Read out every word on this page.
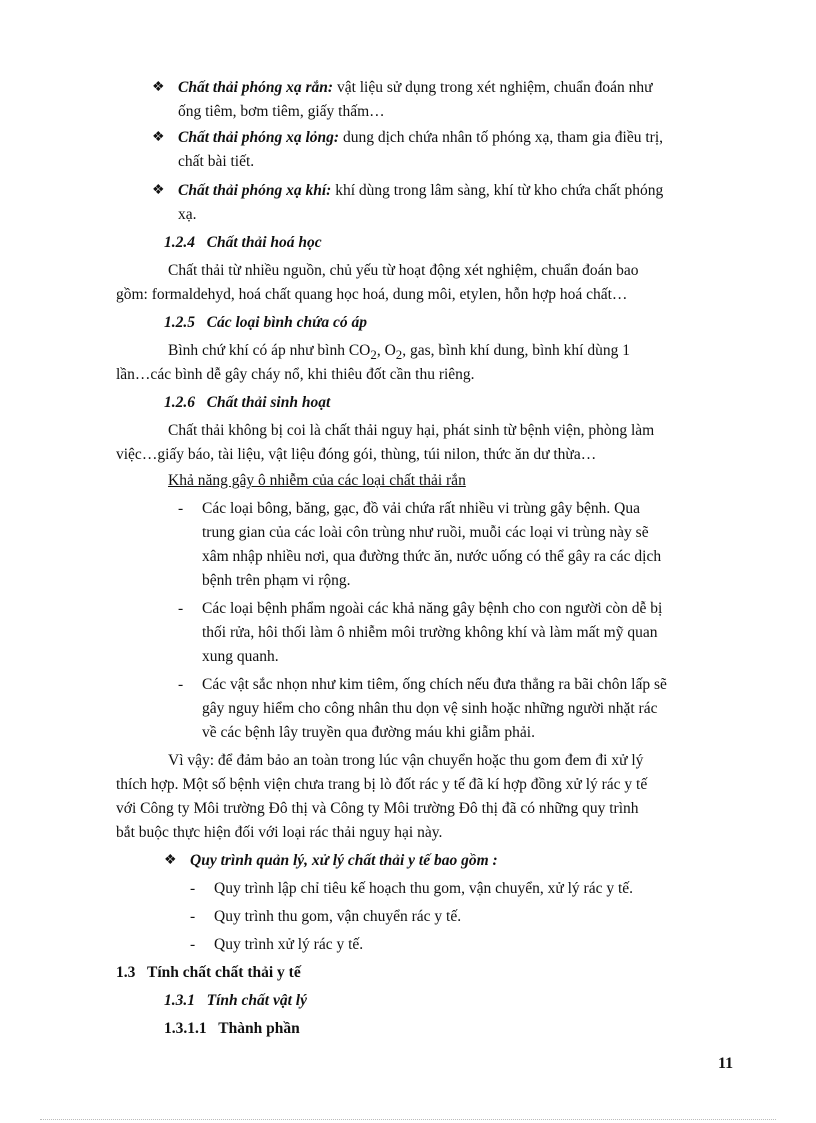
❖ Chất thải phóng xạ rắn: vật liệu sử dụng trong xét nghiệm, chuẩn đoán như
ống tiêm, bơm tiêm, giấy thấm…
❖ Chất thải phóng xạ lỏng: dung dịch chứa nhân tố phóng xạ, tham gia điều trị,
chất bài tiết.
❖ Chất thải phóng xạ khí: khí dùng trong lâm sàng, khí từ kho chứa chất phóng
xạ.
1.2.4 Chất thải hoá học
Chất thải từ nhiều nguồn, chủ yếu từ hoạt động xét nghiệm, chuẩn đoán bao
gồm: formaldehyd, hoá chất quang học hoá, dung môi, etylen, hỗn hợp hoá chất…
1.2.5 Các loại bình chứa có áp
Bình chứ khí có áp như bình $CO_2$, $O_2$, gas, bình khí dung, bình khí dùng 1
lần…các bình dễ gây cháy nổ, khi thiêu đốt cần thu riêng.
1.2.6 Chất thải sinh hoạt
Chất thải không bị coi là chất thải nguy hại, phát sinh từ bệnh viện, phòng làm
việc…giấy báo, tài liệu, vật liệu đóng gói, thùng, túi nilon, thức ăn dư thừa…
Khả năng gây ô nhiễm của các loại chất thải rắn
- Các loại bông, băng, gạc, đồ vải chứa rất nhiều vi trùng gây bệnh. Qua
trung gian của các loài côn trùng như ruồi, muỗi các loại vi trùng này sẽ
xâm nhập nhiều nơi, qua đường thức ăn, nước uống có thể gây ra các dịch
bệnh trên phạm vi rộng.
- Các loại bệnh phẩm ngoài các khả năng gây bệnh cho con người còn dễ bị
thối rửa, hôi thối làm ô nhiễm môi trường không khí và làm mất mỹ quan
xung quanh.
- Các vật sắc nhọn như kim tiêm, ống chích nếu đưa thẳng ra bãi chôn lấp sẽ
gây nguy hiểm cho công nhân thu dọn vệ sinh hoặc những người nhặt rác
về các bệnh lây truyền qua đường máu khi giẫm phải.
Vì vậy: để đảm bảo an toàn trong lúc vận chuyển hoặc thu gom đem đi xử lý
thích hợp. Một số bệnh viện chưa trang bị lò đốt rác y tế đã kí hợp đồng xử lý rác y tế
với Công ty Môi trường Đô thị và Công ty Môi trường Đô thị đã có những quy trình
bắt buộc thực hiện đối với loại rác thải nguy hại này.
❖ Quy trình quản lý, xử lý chất thải y tế bao gồm :
- Quy trình lập chỉ tiêu kế hoạch thu gom, vận chuyển, xử lý rác y tế.
- Quy trình thu gom, vận chuyển rác y tế.
- Quy trình xử lý rác y tế.
1.3 Tính chất chất thải y tế
1.3.1 Tính chất vật lý
1.3.1.1 Thành phần
11
